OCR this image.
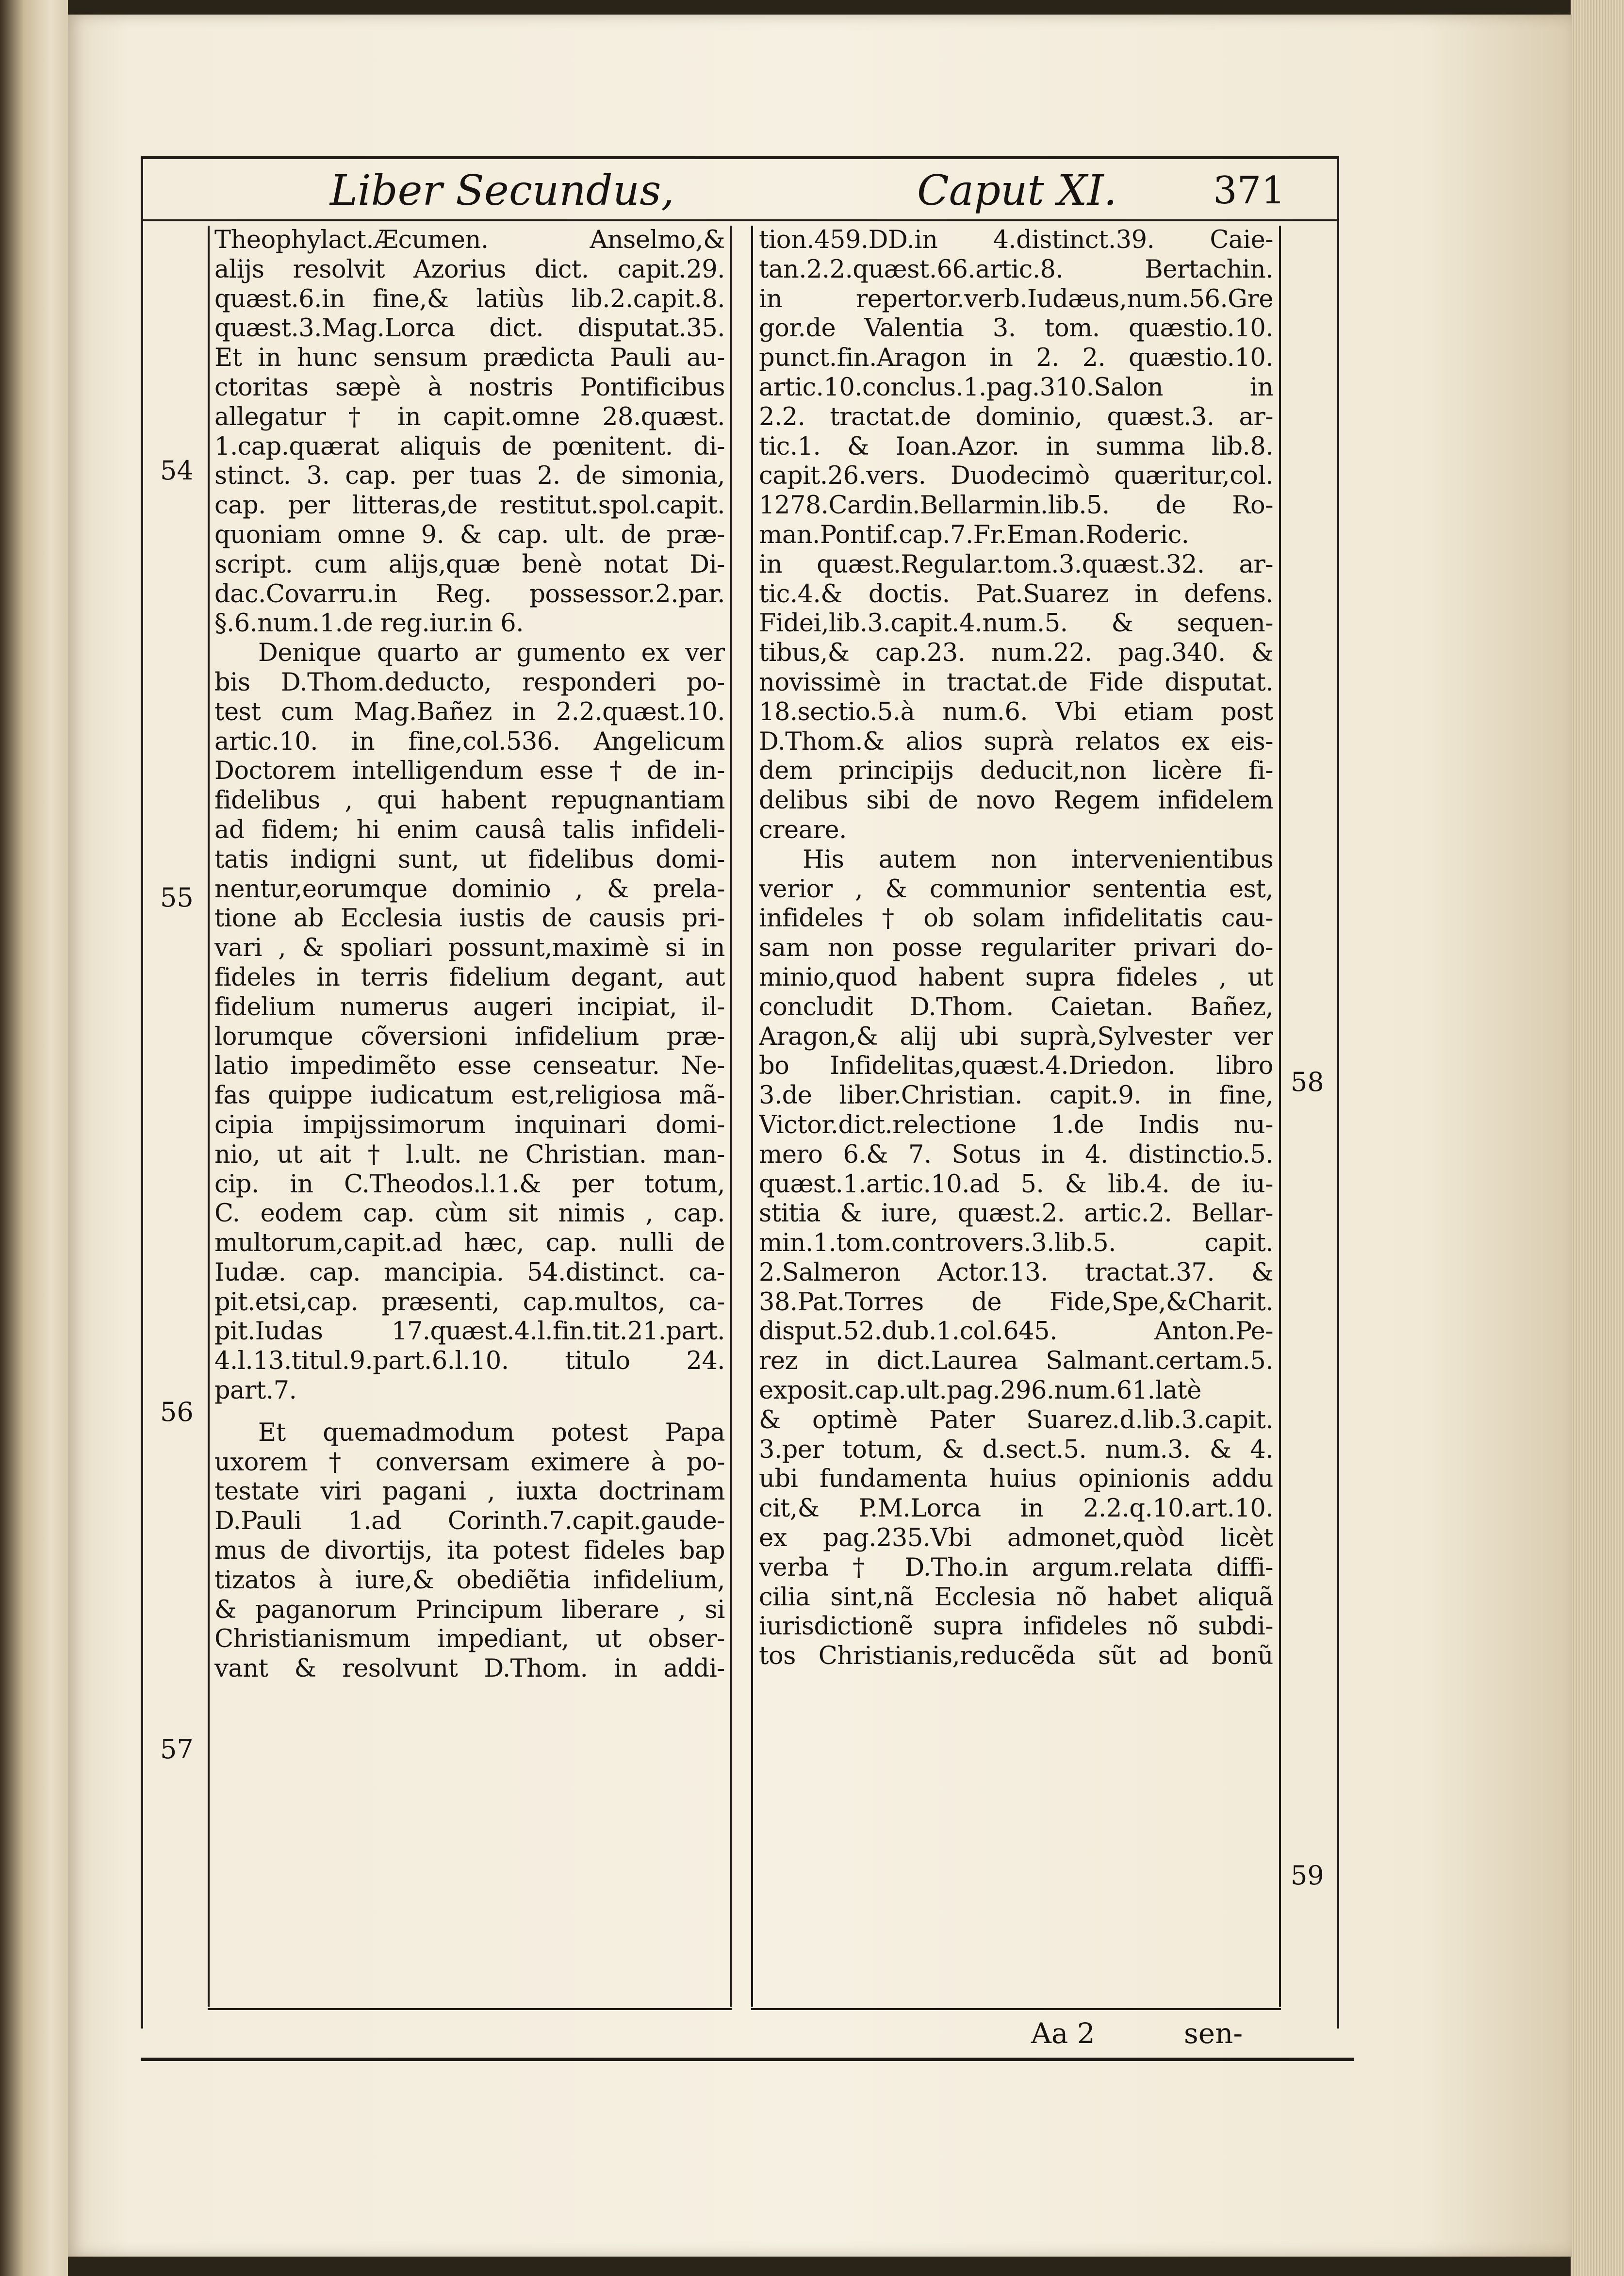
Liber Secundus,	Caput XI.	371
Theophylact.Æcumen. Anselmo,&
alijs resolvit Azorius dict. capit.29.
quæst.6.in fine,& latiùs lib.2.capit.8.
quæst.3.Mag.Lorca dict. disputat.35.
Et in hunc sensum prædicta Pauli au-
ctoritas sæpè à nostris Pontificibus
allegatur † in capit.omne 28.quæst.
1.cap.quærat aliquis de pœnitent. di-
stinct. 3. cap. per tuas 2. de simonia,
cap. per litteras,de restitut.spol.capit.
quoniam omne 9. & cap. ult. de præ-
script. cum alijs,quæ benè notat Di-
dac.Covarru.in Reg. possessor.2.par.
§.6.num.1.de reg.iur.in 6.
Denique quarto ar gumento ex ver
bis D.Thom.deducto, responderi po-
test cum Mag.Bañez in 2.2.quæst.10.
artic.10. in fine,col.536. Angelicum
Doctorem intelligendum esse † de in-
fidelibus , qui habent repugnantiam
ad fidem; hi enim causâ talis infideli-
tatis indigni sunt, ut fidelibus domi-
nentur,eorumque dominio , & prela-
tione ab Ecclesia iustis de causis pri-
vari , & spoliari possunt,maximè si in
fideles in terris fidelium degant, aut
fidelium numerus augeri incipiat, il-
lorumque cõversioni infidelium præ-
latio impedimẽto esse censeatur. Ne-
fas quippe iudicatum est,religiosa mã-
cipia impijssimorum inquinari domi-
nio, ut ait † l.ult. ne Christian. man-
cip. in C.Theodos.l.1.& per totum,
C. eodem cap. cùm sit nimis , cap.
multorum,capit.ad hæc, cap. nulli de
Iudæ. cap. mancipia. 54.distinct. ca-
pit.etsi,cap. præsenti, cap.multos, ca-
pit.Iudas 17.quæst.4.l.fin.tit.21.part.
4.l.13.titul.9.part.6.l.10. titulo 24.
part.7.
Et quemadmodum potest Papa
uxorem † conversam eximere à po-
testate viri pagani , iuxta doctrinam
D.Pauli 1.ad Corinth.7.capit.gaude-
mus de divortijs, ita potest fideles bap
tizatos à iure,& obediẽtia infidelium,
& paganorum Principum liberare , si
Christianismum impediant, ut obser-
vant & resolvunt D.Thom. in addi-
tion.459.DD.in 4.distinct.39. Caie-
tan.2.2.quæst.66.artic.8. Bertachin.
in repertor.verb.Iudæus,num.56.Gre
gor.de Valentia 3. tom. quæstio.10.
punct.fin.Aragon in 2. 2. quæstio.10.
artic.10.conclus.1.pag.310.Salon in
2.2. tractat.de dominio, quæst.3. ar-
tic.1. & Ioan.Azor. in summa lib.8.
capit.26.vers. Duodecimò quæritur,col.
1278.Cardin.Bellarmin.lib.5. de Ro-
man.Pontif.cap.7.Fr.Eman.Roderic.
in quæst.Regular.tom.3.quæst.32. ar-
tic.4.& doctis. Pat.Suarez in defens.
Fidei,lib.3.capit.4.num.5. & sequen-
tibus,& cap.23. num.22. pag.340. &
novissimè in tractat.de Fide disputat.
18.sectio.5.à num.6. Vbi etiam post
D.Thom.& alios suprà relatos ex eis-
dem principijs deducit,non licère fi-
delibus sibi de novo Regem infidelem
creare.
His autem non intervenientibus
verior , & communior sententia est,
infideles † ob solam infidelitatis cau-
sam non posse regulariter privari do-
minio,quod habent supra fideles , ut
concludit D.Thom. Caietan. Bañez,
Aragon,& alij ubi suprà,Sylvester ver
bo Infidelitas,quæst.4.Driedon. libro
3.de liber.Christian. capit.9. in fine,
Victor.dict.relectione 1.de Indis nu-
mero 6.& 7. Sotus in 4. distinctio.5.
quæst.1.artic.10.ad 5. & lib.4. de iu-
stitia & iure, quæst.2. artic.2. Bellar-
min.1.tom.controvers.3.lib.5. capit.
2.Salmeron Actor.13. tractat.37. &
38.Pat.Torres de Fide,Spe,&Charit.
disput.52.dub.1.col.645. Anton.Pe-
rez in dict.Laurea Salmant.certam.5.
exposit.cap.ult.pag.296.num.61.latè
& optimè Pater Suarez.d.lib.3.capit.
3.per totum, & d.sect.5. num.3. & 4.
ubi fundamenta huius opinionis addu
cit,& P.M.Lorca in 2.2.q.10.art.10.
ex pag.235.Vbi admonet,quòd licèt
verba † D.Tho.in argum.relata diffi-
cilia sint,nã Ecclesia nõ habet aliquã
iurisdictionẽ supra infideles nõ subdi-
tos Christianis,reducẽda sũt ad bonũ
54
55
56
57
58
59
Aa 2	sen-
